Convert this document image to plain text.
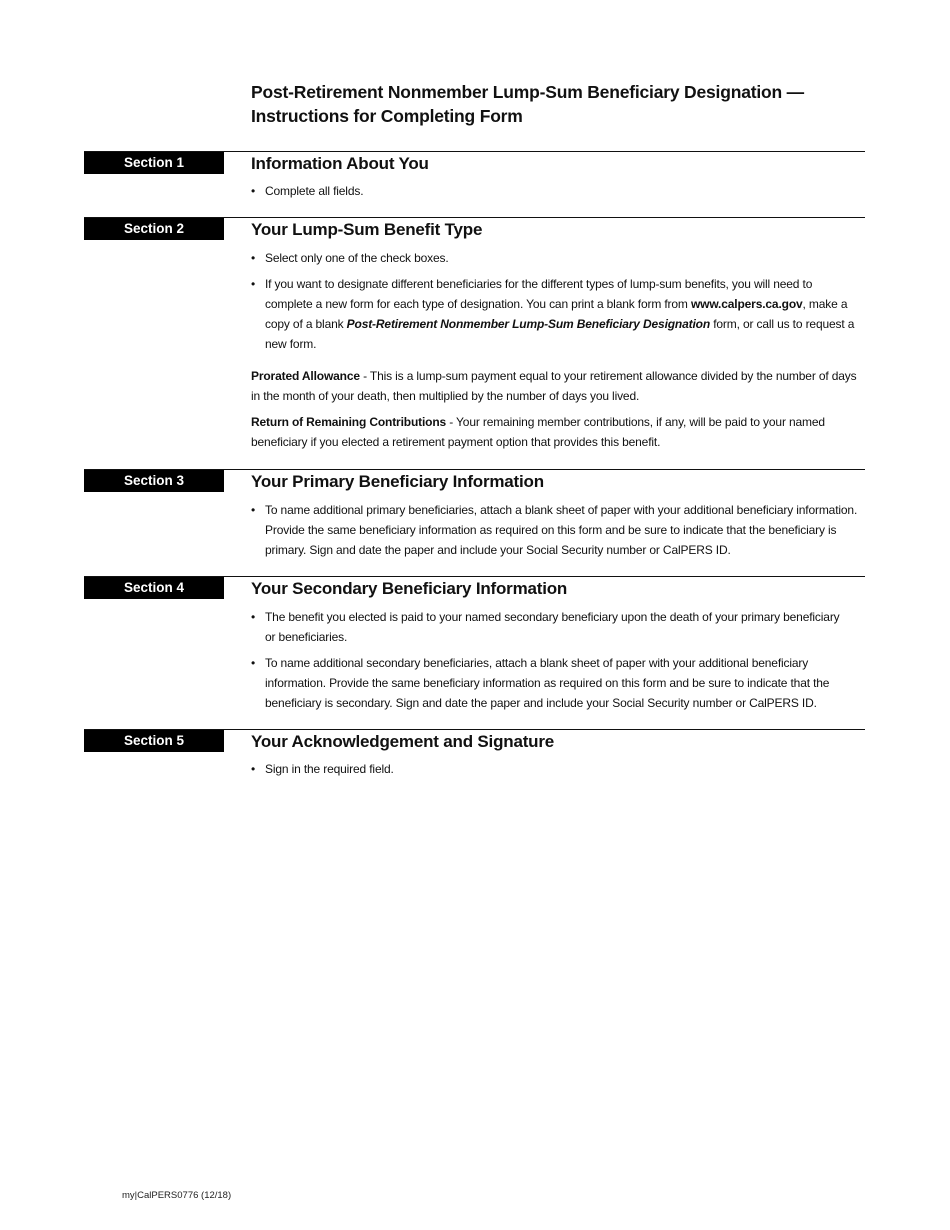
Post-Retirement Nonmember Lump-Sum Beneficiary Designation —
Instructions for Completing Form
Section 1	Information About You
• Complete all fields.
Section 2	Your Lump-Sum Benefit Type
• Select only one of the check boxes.
• If you want to designate different beneficiaries for the different types of lump-sum benefits, you will need to complete a new form for each type of designation. You can print a blank form from www.calpers.ca.gov, make a copy of a blank Post-Retirement Nonmember Lump-Sum Beneficiary Designation form, or call us to request a new form.
Prorated Allowance - This is a lump-sum payment equal to your retirement allowance divided by the number of days in the month of your death, then multiplied by the number of days you lived.
Return of Remaining Contributions - Your remaining member contributions, if any, will be paid to your named beneficiary if you elected a retirement payment option that provides this benefit.
Section 3	Your Primary Beneficiary Information
• To name additional primary beneficiaries, attach a blank sheet of paper with your additional beneficiary information. Provide the same beneficiary information as required on this form and be sure to indicate that the beneficiary is primary. Sign and date the paper and include your Social Security number or CalPERS ID.
Section 4	Your Secondary Beneficiary Information
• The benefit you elected is paid to your named secondary beneficiary upon the death of your primary beneficiary or beneficiaries.
• To name additional secondary beneficiaries, attach a blank sheet of paper with your additional beneficiary information. Provide the same beneficiary information as required on this form and be sure to indicate that the beneficiary is secondary. Sign and date the paper and include your Social Security number or CalPERS ID.
Section 5	Your Acknowledgement and Signature
• Sign in the required field.
my|CalPERS0776 (12/18)
